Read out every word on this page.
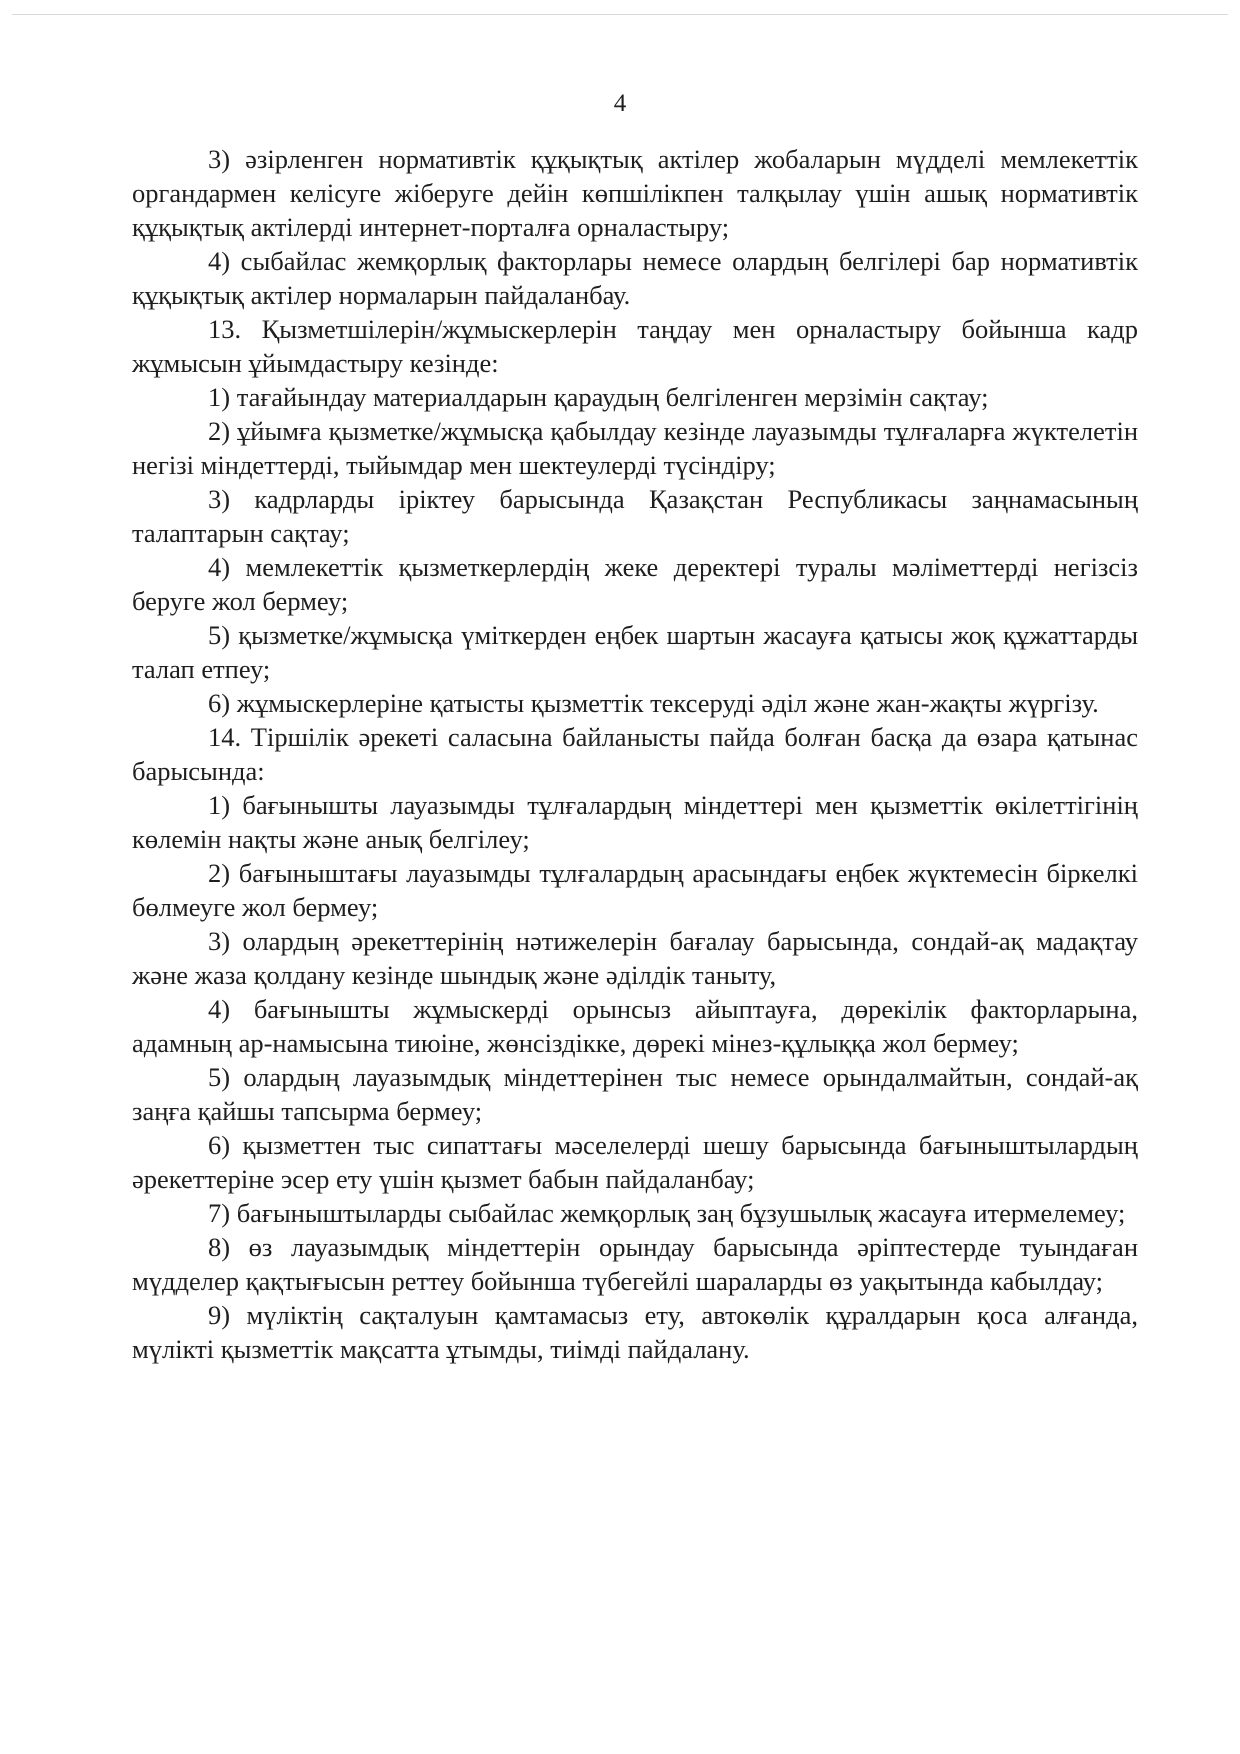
4

3) әзірленген нормативтік құқықтық актілер жобаларын мүдделі мемлекеттік органдармен келісуге жіберуге дейін көпшілікпен талқылау үшін ашық нормативтік құқықтық актілерді интернет-порталға орналастыру;

4) сыбайлас жемқорлық факторлары немесе олардың белгілері бар нормативтік құқықтық актілер нормаларын пайдаланбау.

13. Қызметшілерін/жұмыскерлерін таңдау мен орналастыру бойынша кадр жұмысын ұйымдастыру кезінде:

1) тағайындау материалдарын қараудың белгіленген мерзімін сақтау;

2) ұйымға қызметке/жұмысқа қабылдау кезінде лауазымды тұлғаларға жүктелетін негізі міндеттерді, тыйымдар мен шектеулерді түсіндіру;

3) кадрларды іріктеу барысында Қазақстан Республикасы заңнамасының талаптарын сақтау;

4) мемлекеттік қызметкерлердің жеке деректері туралы мәліметтерді негізсіз беруге жол бермеу;

5) қызметке/жұмысқа үміткерден еңбек шартын жасауға қатысы жоқ құжаттарды талап етпеу;

6) жұмыскерлеріне қатысты қызметтік тексеруді әділ және жан-жақты жүргізу.

14. Тіршілік әрекеті саласына байланысты пайда болған басқа да өзара қатынас барысында:

1) бағынышты лауазымды тұлғалардың міндеттері мен қызметтік өкілеттігінің көлемін нақты және анық белгілеу;

2) бағыныштағы лауазымды тұлғалардың арасындағы еңбек жүктемесін біркелкі бөлмеуге жол бермеу;

3) олардың әрекеттерінің нәтижелерін бағалау барысында, сондай-ақ мадақтау және жаза қолдану кезінде шындық және әділдік таныту,

4) бағынышты жұмыскерді орынсыз айыптауға, дөрекілік факторларына, адамның ар-намысына тиюіне, жөнсіздікке, дөрекі мінез-құлыққа жол бермеу;

5) олардың лауазымдық міндеттерінен тыс немесе орындалмайтын, сондай-ақ заңға қайшы тапсырма бермеу;

6) қызметтен тыс сипаттағы мәселелерді шешу барысында бағыныштылардың әрекеттеріне эсер ету үшін қызмет бабын пайдаланбау;

7) бағыныштыларды сыбайлас жемқорлық заң бұзушылық жасауға итермелемеу;

8) өз лауазымдық міндеттерін орындау барысында әріптестерде туындаған мүдделер қақтығысын реттеу бойынша түбегейлі шараларды өз уақытында кабылдау;

9) мүліктің сақталуын қамтамасыз ету, автокөлік құралдарын қоса алғанда, мүлікті қызметтік мақсатта ұтымды, тиімді пайдалану.
